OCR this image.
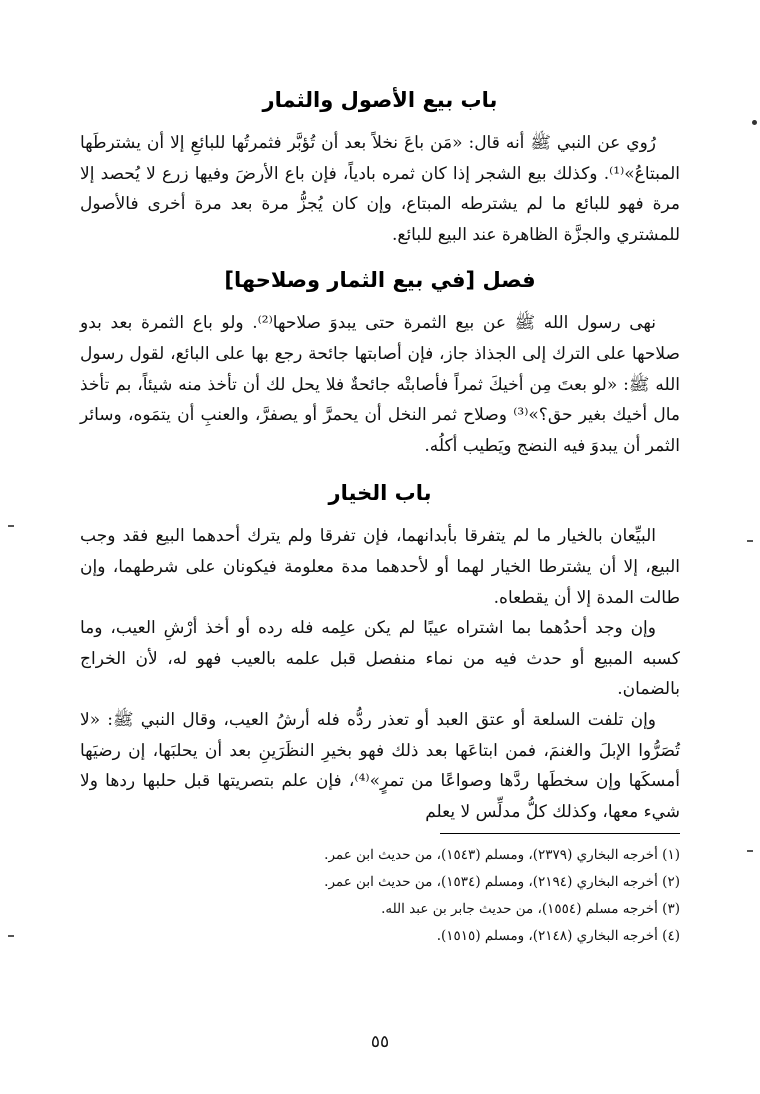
باب بيع الأصول والثمار

رُوي عن النبي ﷺ أنه قال: «مَن باعَ نخلاً بعد أن تُؤبَّر فثمرتُها للبائعِ إلا أن يشترطَها المبتاعُ»⁽¹⁾. وكذلك بيع الشجر إذا كان ثمره بادياً، فإن باع الأرضَ وفيها زرع لا يُحصد إلا مرة فهو للبائع ما لم يشترطه المبتاع، وإن كان يُجزُّ مرة بعد مرة أخرى فالأصول للمشتري والجزَّة الظاهرة عند البيع للبائع.

فصل [في بيع الثمار وصلاحها]

نهى رسول الله ﷺ عن بيع الثمرة حتى يبدوَ صلاحها⁽²⁾. ولو باع الثمرة بعد بدو صلاحها على الترك إلى الجذاذ جاز، فإن أصابتها جائحة رجع بها على البائع، لقول رسول الله ﷺ: «لو بعتَ مِن أخيكَ ثمراً فأصابتْه جائحةٌ فلا يحل لك أن تأخذ منه شيئاً، بم تأخذ مال أخيك بغير حق؟»⁽³⁾ وصلاح ثمر النخل أن يحمرَّ أو يصفرَّ، والعنبِ أن يتمَوه، وسائر الثمر أن يبدوَ فيه النضج ويَطيب أكلُه.

باب الخيار

البيِّعان بالخيار ما لم يتفرقا بأبدانهما، فإن تفرقا ولم يترك أحدهما البيع فقد وجب البيع، إلا أن يشترطا الخيار لهما أو لأحدهما مدة معلومة فيكونان على شرطهما، وإن طالت المدة إلا أن يقطعاه.

وإن وجد أحدُهما بما اشتراه عيبًا لم يكن علِمه فله رده أو أخذ أرْشِ العيب، وما كسبه المبيع أو حدث فيه من نماء منفصل قبل علمه بالعيب فهو له، لأن الخراج بالضمان.

وإن تلفت السلعة أو عتق العبد أو تعذر ردُّه فله أرشُ العيب، وقال النبي ﷺ: «لا تُصَرُّوا الإبلَ والغنمَ، فمن ابتاعَها بعد ذلك فهو بخيرِ النظَرَينِ بعد أن يحلبَها، إن رضيَها أمسكَها وإن سخطَها ردَّها وصواعًا من تمرٍ»⁽⁴⁾، فإن علم بتصريتها قبل حلبها ردها ولا شيء معها، وكذلك كلُّ مدلِّس لا يعلم

(١) أخرجه البخاري (٢٣٧٩)، ومسلم (١٥٤٣)، من حديث ابن عمر.

(٢) أخرجه البخاري (٢١٩٤)، ومسلم (١٥٣٤)، من حديث ابن عمر.

(٣) أخرجه مسلم (١٥٥٤)، من حديث جابر بن عبد الله.

(٤) أخرجه البخاري (٢١٤٨)، ومسلم (١٥١٥).

٥٥
